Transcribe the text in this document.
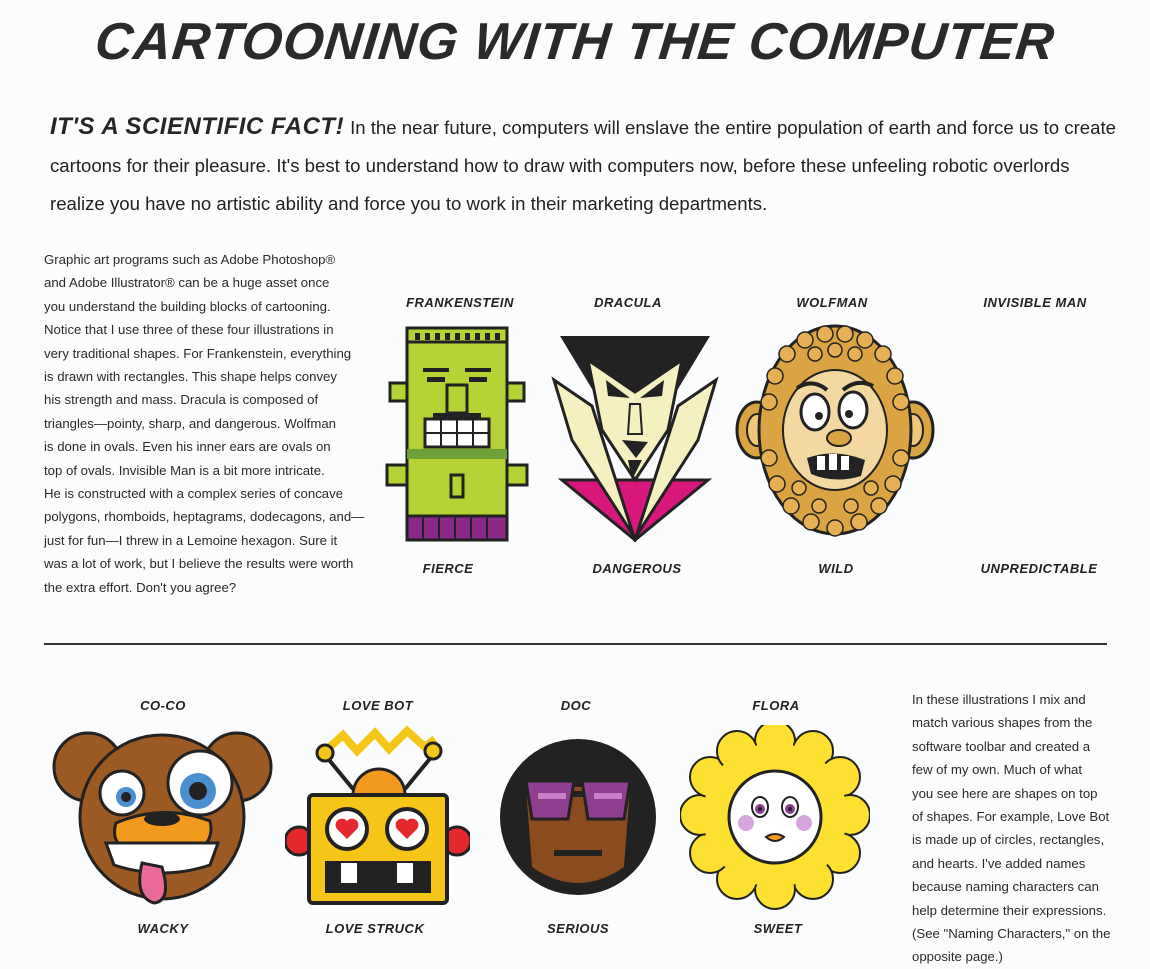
CARTOONING WITH THE COMPUTER
IT'S A SCIENTIFIC FACT! In the near future, computers will enslave the entire population of earth and force us to create
cartoons for their pleasure. It's best to understand how to draw with computers now, before these unfeeling robotic overlords
realize you have no artistic ability and force you to work in their marketing departments.
Graphic art programs such as Adobe Photoshop®
and Adobe Illustrator® can be a huge asset once
you understand the building blocks of cartooning.
Notice that I use three of these four illustrations in
very traditional shapes. For Frankenstein, everything
is drawn with rectangles. This shape helps convey
his strength and mass. Dracula is composed of
triangles—pointy, sharp, and dangerous. Wolfman
is done in ovals. Even his inner ears are ovals on
top of ovals. Invisible Man is a bit more intricate.
He is constructed with a complex series of concave
polygons, rhomboids, heptagrams, dodecagons, and—
just for fun—I threw in a Lemoine hexagon. Sure it
was a lot of work, but I believe the results were worth
the extra effort. Don't you agree?
FRANKENSTEIN	DRACULA	WOLFMAN	INVISIBLE MAN
FIERCE	DANGEROUS	WILD	UNPREDICTABLE
CO-CO	LOVE BOT	DOC	FLORA
WACKY	LOVE STRUCK	SERIOUS	SWEET
In these illustrations I mix and
match various shapes from the
software toolbar and created a
few of my own. Much of what
you see here are shapes on top
of shapes. For example, Love Bot
is made up of circles, rectangles,
and hearts. I've added names
because naming characters can
help determine their expressions.
(See "Naming Characters," on the
opposite page.)
